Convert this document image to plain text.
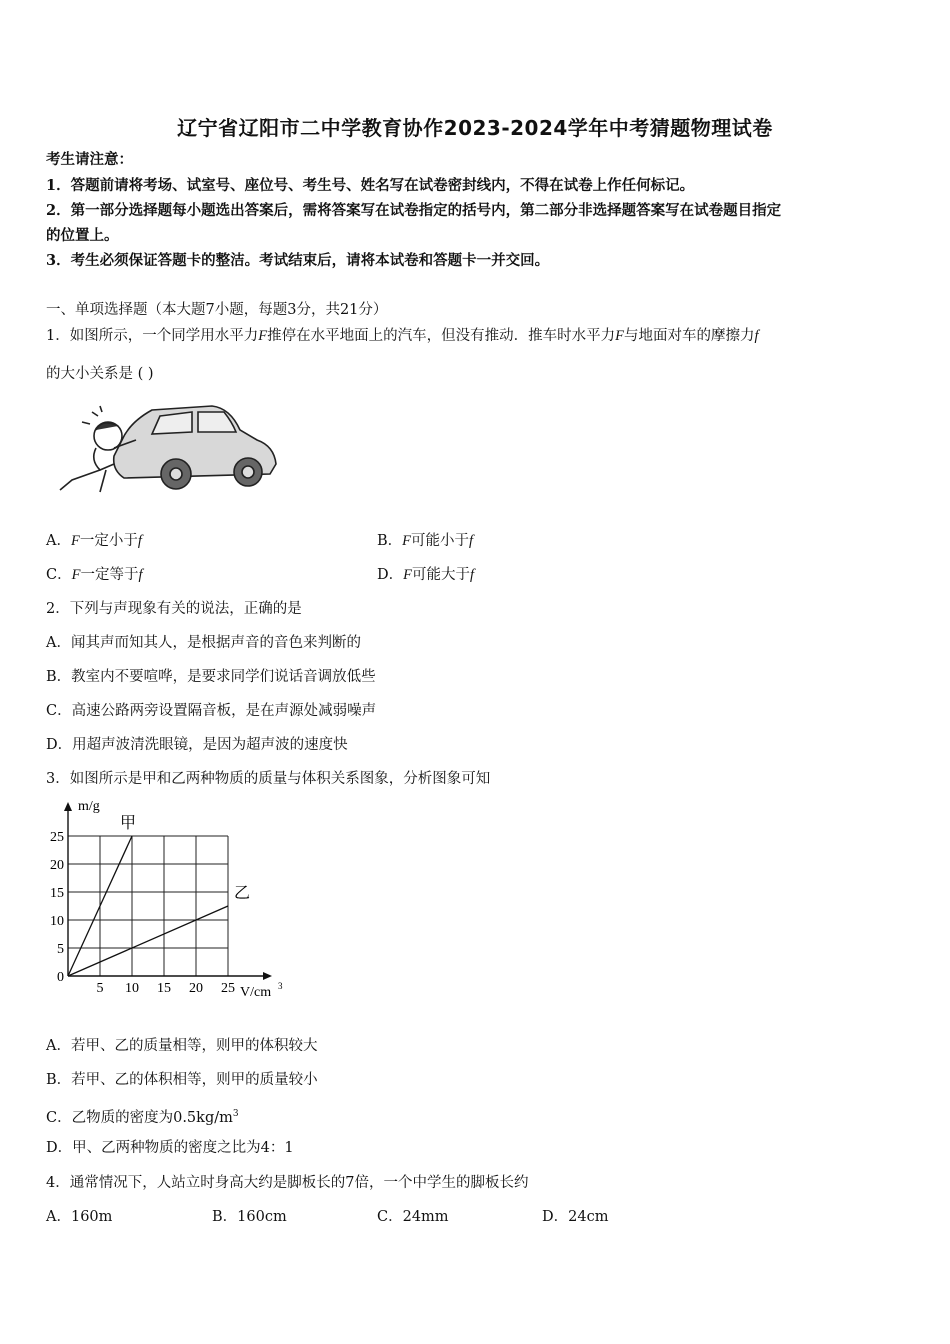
辽宁省辽阳市二中学教育协作2023-2024学年中考猜题物理试卷
考生请注意：
1．答题前请将考场、试室号、座位号、考生号、姓名写在试卷密封线内，不得在试卷上作任何标记。
2．第一部分选择题每小题选出答案后，需将答案写在试卷指定的括号内，第二部分非选择题答案写在试卷题目指定
的位置上。
3．考生必须保证答题卡的整洁。考试结束后，请将本试卷和答题卡一并交回。
一、单项选择题（本大题7小题，每题3分，共21分）
1．如图所示，一个同学用水平力F推停在水平地面上的汽车，但没有推动．推车时水平力F与地面对车的摩擦力f
的大小关系是 ( )
A．F一定小于f	B．F可能小于f
C．F一定等于f	D．F可能大于f
2．下列与声现象有关的说法，正确的是
A．闻其声而知其人，是根据声音的音色来判断的
B．教室内不要喧哗，是要求同学们说话音调放低些
C．高速公路两旁设置隔音板，是在声源处减弱噪声
D．用超声波清洗眼镜，是因为超声波的速度快
3．如图所示是甲和乙两种物质的质量与体积关系图象，分析图象可知
5 10 15 20 25
5
10
15
20
25
0
m/g
V/cm 3
甲
乙
A．若甲、乙的质量相等，则甲的体积较大
B．若甲、乙的体积相等，则甲的质量较小
C．乙物质的密度为$0.5kg/m^3$
D．甲、乙两种物质的密度之比为4：1
4．通常情况下，人站立时身高大约是脚板长的7倍，一个中学生的脚板长约
A．160m	B．160cm	C．24mm	D．24cm
